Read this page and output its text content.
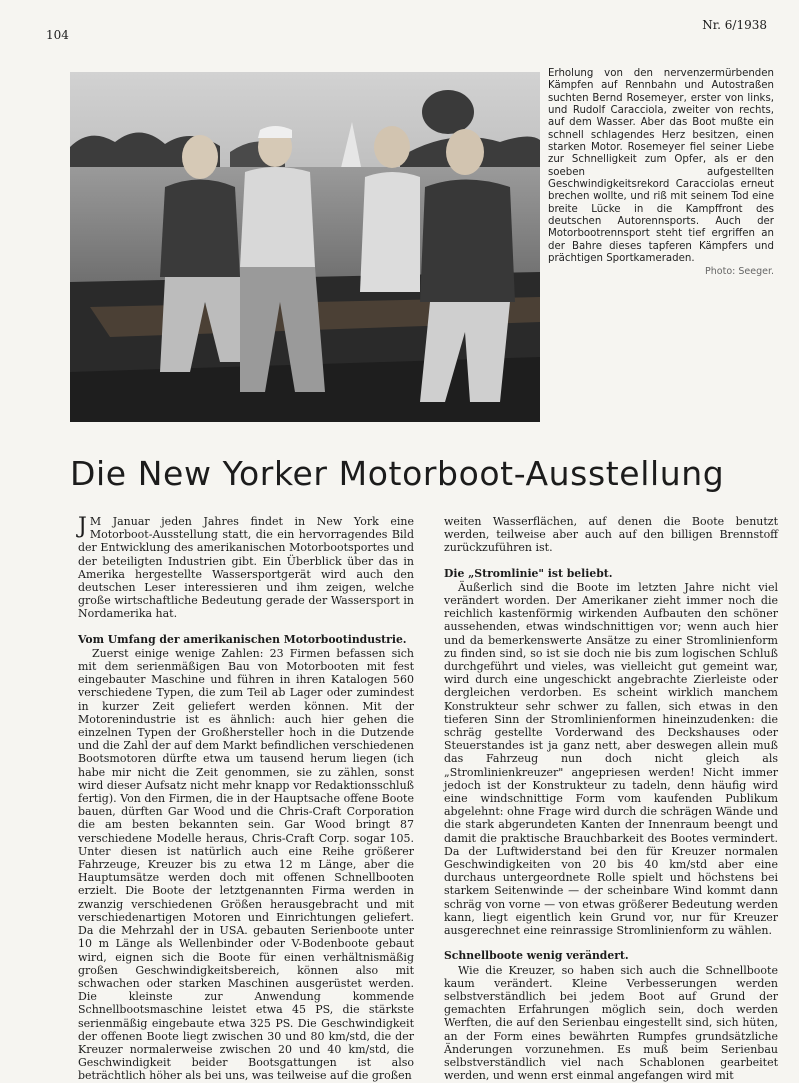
104
Nr. 6/1938
Erholung von den nervenzermürbenden Kämpfen auf Rennbahn und Autostraßen suchten Bernd Rosemeyer, erster von links, und Rudolf Caracciola, zweiter von rechts, auf dem Wasser. Aber das Boot mußte ein schnell schlagendes Herz besitzen, einen starken Motor. Rosemeyer fiel seiner Liebe zur Schnelligkeit zum Opfer, als er den soeben aufgestellten Geschwindigkeitsrekord Caracciolas erneut brechen wollte, und riß mit seinem Tod eine breite Lücke in die Kampffront des deutschen Autorennsports. Auch der Motorbootrennsport steht tief ergriffen an der Bahre dieses tapferen Kämpfers und prächtigen Sportkameraden.
Photo: Seeger.
Die New Yorker Motorboot-Ausstellung

J M Januar jeden Jahres findet in New York eine Motorboot-Ausstellung statt, die ein hervorragendes Bild der Entwicklung des amerikanischen Motorbootsportes und der beteiligten Industrien gibt. Ein Überblick über das in Amerika hergestellte Wassersportgerät wird auch den deutschen Leser interessieren und ihm zeigen, welche große wirtschaftliche Bedeutung gerade der Wassersport in Nordamerika hat.

Vom Umfang der amerikanischen Motorbootindustrie.

Zuerst einige wenige Zahlen: 23 Firmen befassen sich mit dem serienmäßigen Bau von Motorbooten mit fest eingebauter Maschine und führen in ihren Katalogen 560 verschiedene Typen, die zum Teil ab Lager oder zumindest in kurzer Zeit geliefert werden können. Mit der Motorenindustrie ist es ähnlich: auch hier gehen die einzelnen Typen der Großhersteller hoch in die Dutzende und die Zahl der auf dem Markt befindlichen verschiedenen Bootsmotoren dürfte etwa um tausend herum liegen (ich habe mir nicht die Zeit genommen, sie zu zählen, sonst wird dieser Aufsatz nicht mehr knapp vor Redaktionsschluß fertig). Von den Firmen, die in der Hauptsache offene Boote bauen, dürften Gar Wood und die Chris-Craft Corporation die am besten bekannten sein. Gar Wood bringt 87 verschiedene Modelle heraus, Chris-Craft Corp. sogar 105. Unter diesen ist natürlich auch eine Reihe größerer Fahrzeuge, Kreuzer bis zu etwa 12 m Länge, aber die Hauptumsätze werden doch mit offenen Schnellbooten erzielt. Die Boote der letztgenannten Firma werden in zwanzig verschiedenen Größen herausgebracht und mit verschiedenartigen Motoren und Einrichtungen geliefert. Da die Mehrzahl der in USA. gebauten Serienboote unter 10 m Länge als Wellenbinder oder V-Bodenboote gebaut wird, eignen sich die Boote für einen verhältnismäßig großen Geschwindigkeitsbereich, können also mit schwachen oder starken Maschinen ausgerüstet werden. Die kleinste zur Anwendung kommende Schnellbootsmaschine leistet etwa 45 PS, die stärkste serienmäßig eingebaute etwa 325 PS. Die Geschwindigkeit der offenen Boote liegt zwischen 30 und 80 km/std, die der Kreuzer normalerweise zwischen 20 und 40 km/std, die Geschwindigkeit beider Bootsgattungen ist also beträchtlich höher als bei uns, was teilweise auf die großen

weiten Wasserflächen, auf denen die Boote benutzt werden, teilweise aber auch auf den billigen Brennstoff zurückzuführen ist.

Die „Stromlinie" ist beliebt.

Äußerlich sind die Boote im letzten Jahre nicht viel verändert worden. Der Amerikaner zieht immer noch die reichlich kastenförmig wirkenden Aufbauten den schöner aussehenden, etwas windschnittigen vor; wenn auch hier und da bemerkenswerte Ansätze zu einer Stromlinienform zu finden sind, so ist sie doch nie bis zum logischen Schluß durchgeführt und vieles, was vielleicht gut gemeint war, wird durch eine ungeschickt angebrachte Zierleiste oder dergleichen verdorben. Es scheint wirklich manchem Konstrukteur sehr schwer zu fallen, sich etwas in den tieferen Sinn der Stromlinienformen hineinzudenken: die schräg gestellte Vorderwand des Deckshauses oder Steuerstandes ist ja ganz nett, aber deswegen allein muß das Fahrzeug nun doch nicht gleich als „Stromlinienkreuzer" angepriesen werden! Nicht immer jedoch ist der Konstrukteur zu tadeln, denn häufig wird eine windschnittige Form vom kaufenden Publikum abgelehnt: ohne Frage wird durch die schrägen Wände und die stark abgerundeten Kanten der Innenraum beengt und damit die praktische Brauchbarkeit des Bootes vermindert. Da der Luftwiderstand bei den für Kreuzer normalen Geschwindigkeiten von 20 bis 40 km/std aber eine durchaus untergeordnete Rolle spielt und höchstens bei starkem Seitenwinde — der scheinbare Wind kommt dann schräg von vorne — von etwas größerer Bedeutung werden kann, liegt eigentlich kein Grund vor, nur für Kreuzer ausgerechnet eine reinrassige Stromlinienform zu wählen.

Schnellboote wenig verändert.

Wie die Kreuzer, so haben sich auch die Schnellboote kaum verändert. Kleine Verbesserungen werden selbstverständlich bei jedem Boot auf Grund der gemachten Erfahrungen möglich sein, doch werden Werften, die auf den Serienbau eingestellt sind, sich hüten, an der Form eines bewährten Rumpfes grundsätzliche Änderungen vorzunehmen. Es muß beim Serienbau selbstverständlich viel nach Schablonen gearbeitet werden, und wenn erst einmal angefangen wird mit
